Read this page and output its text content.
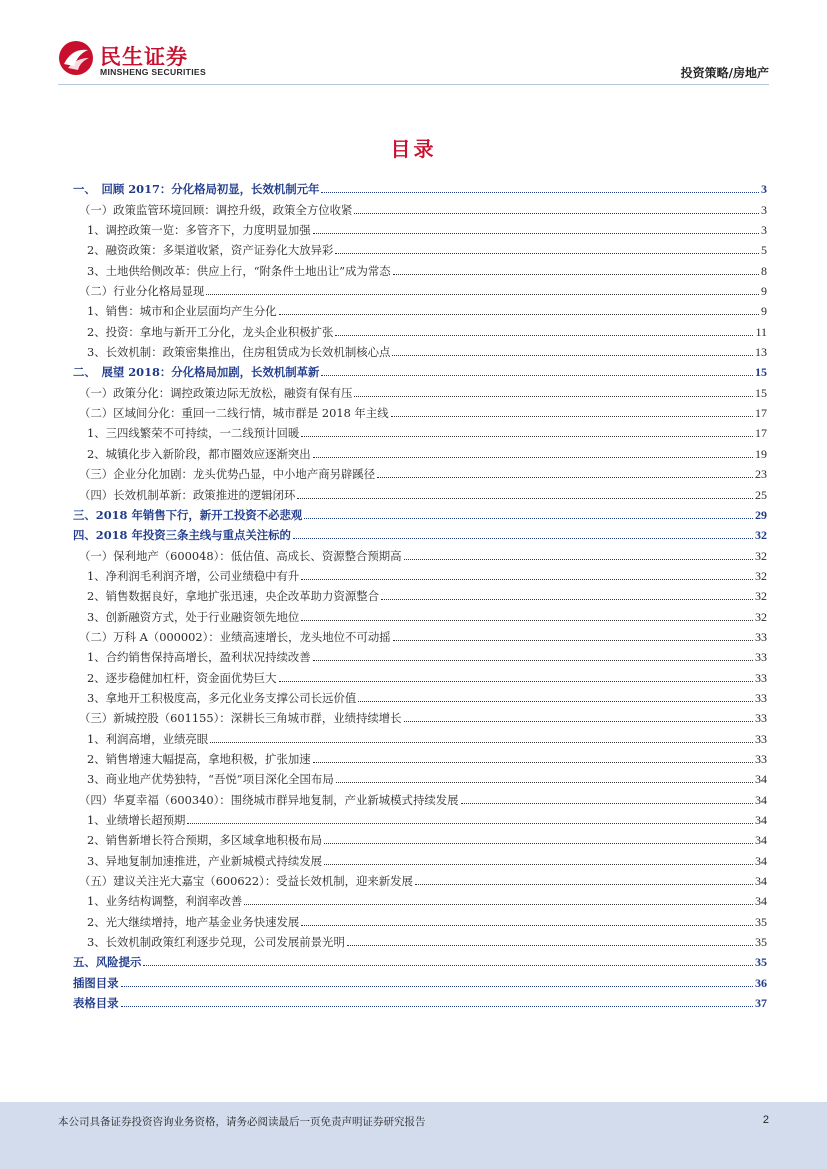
民生证券
MINSHENG SECURITIES	投资策略/房地产
目录
一、　回顾 2017：分化格局初显，长效机制元年	3
（一）政策监管环境回顾：调控升级，政策全方位收紧	3
1、调控政策一览：多管齐下，力度明显加强	3
2、融资政策：多渠道收紧，资产证券化大放异彩	5
3、土地供给侧改革：供应上行，“附条件土地出让”成为常态	8
（二）行业分化格局显现	9
1、销售：城市和企业层面均产生分化	9
2、投资：拿地与新开工分化，龙头企业积极扩张	11
3、长效机制：政策密集推出，住房租赁成为长效机制核心点	13
二、　展望 2018：分化格局加剧，长效机制革新	15
（一）政策分化：调控政策边际无放松，融资有保有压	15
（二）区域间分化：重回一二线行情，城市群是 2018 年主线	17
1、三四线繁荣不可持续，一二线预计回暖	17
2、城镇化步入新阶段，都市圈效应逐渐突出	19
（三）企业分化加剧：龙头优势凸显，中小地产商另辟蹊径	23
（四）长效机制革新：政策推进的逻辑闭环	25
三、2018 年销售下行，新开工投资不必悲观	29
四、2018 年投资三条主线与重点关注标的	32
（一）保利地产（600048）：低估值、高成长、资源整合预期高	32
1、净利润毛利润齐增，公司业绩稳中有升	32
2、销售数据良好，拿地扩张迅速，央企改革助力资源整合	32
3、创新融资方式，处于行业融资领先地位	32
（二）万科 A（000002）：业绩高速增长，龙头地位不可动摇	33
1、合约销售保持高增长，盈利状况持续改善	33
2、逐步稳健加杠杆，资金面优势巨大	33
3、拿地开工积极度高，多元化业务支撑公司长远价值	33
（三）新城控股（601155）：深耕长三角城市群，业绩持续增长	33
1、利润高增，业绩亮眼	33
2、销售增速大幅提高，拿地积极，扩张加速	33
3、商业地产优势独特，“吾悦”项目深化全国布局	34
（四）华夏幸福（600340）：围绕城市群异地复制，产业新城模式持续发展	34
1、业绩增长超预期	34
2、销售新增长符合预期，多区域拿地积极布局	34
3、异地复制加速推进，产业新城模式持续发展	34
（五）建议关注光大嘉宝（600622）：受益长效机制，迎来新发展	34
1、业务结构调整，利润率改善	34
2、光大继续增持，地产基金业务快速发展	35
3、长效机制政策红利逐步兑现，公司发展前景光明	35
五、风险提示	35
插图目录	36
表格目录	37
本公司具备证券投资咨询业务资格，请务必阅读最后一页免责声明证券研究报告	2
